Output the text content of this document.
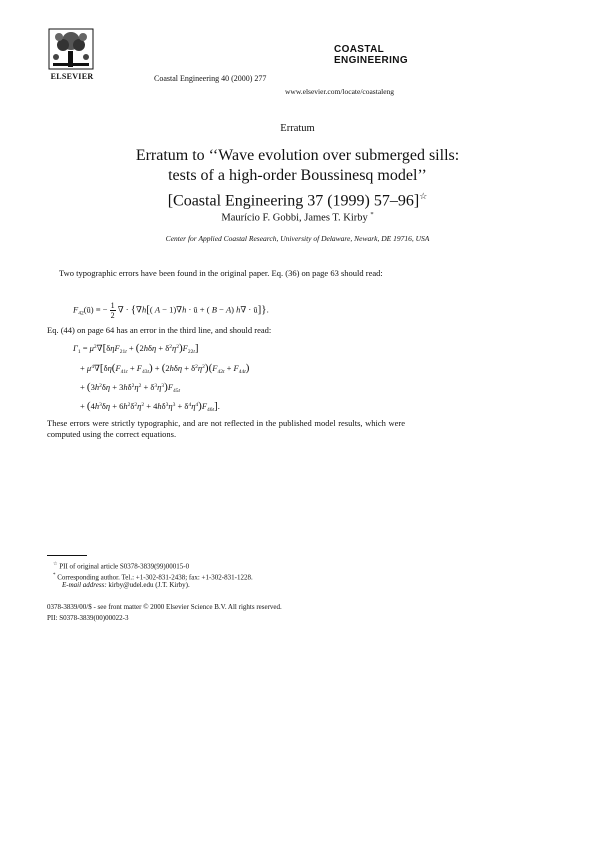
ELSEVIER	Coastal Engineering 40 (2000) 277
COASTAL
ENGINEERING
www.elsevier.com/locate/coastaleng
Erratum
Erratum to ‘‘Wave evolution over submerged sills:
tests of a high-order Boussinesq model’’
[Coastal Engineering 37 (1999) 57–96]☆
Maurício F. Gobbi, James T. Kirby *
Center for Applied Coastal Research, University of Delaware, Newark, DE 19716, USA
Two typographic errors have been found in the original paper. Eq. (36) on page 63 should read:
$F_{42}(ū)$ ≡ − $\frac{1}{2}$ ∇ · {∇h[( A − 1)∇h · ū + ( B − A) h∇ · ū]}.
Eq. (44) on page 64 has an error in the third line, and should read:
$\Gamma_1 = \mu^2\nabla[\delta\eta F_{21t} + (2h\delta\eta + \delta^2\eta^2)F_{22t}]$
+ $\mu^4\nabla[\delta\eta(F_{41t} + F_{43t}) + (2h\delta\eta + \delta^2\eta^2)(F_{42t} + F_{44t})$
+ $(3h^2\delta\eta + 3h\delta^2\eta^2 + \delta^3\eta^3)F_{45t}$
+ $(4h^3\delta\eta + 6h^2\delta^2\eta^2 + 4h\delta^3\eta^3 + \delta^4\eta^4)F_{46t}$].
These errors were strictly typographic, and are not reflected in the published model results, which were computed using the correct equations.
☆ PII of original article S0378-3839(99)00015-0
* Corresponding author. Tel.: +1-302-831-2438; fax: +1-302-831-1228.
E-mail address: kirby@udel.edu (J.T. Kirby).
0378-3839/00/$ - see front matter © 2000 Elsevier Science B.V. All rights reserved.
PII: S0378-3839(00)00022-3
